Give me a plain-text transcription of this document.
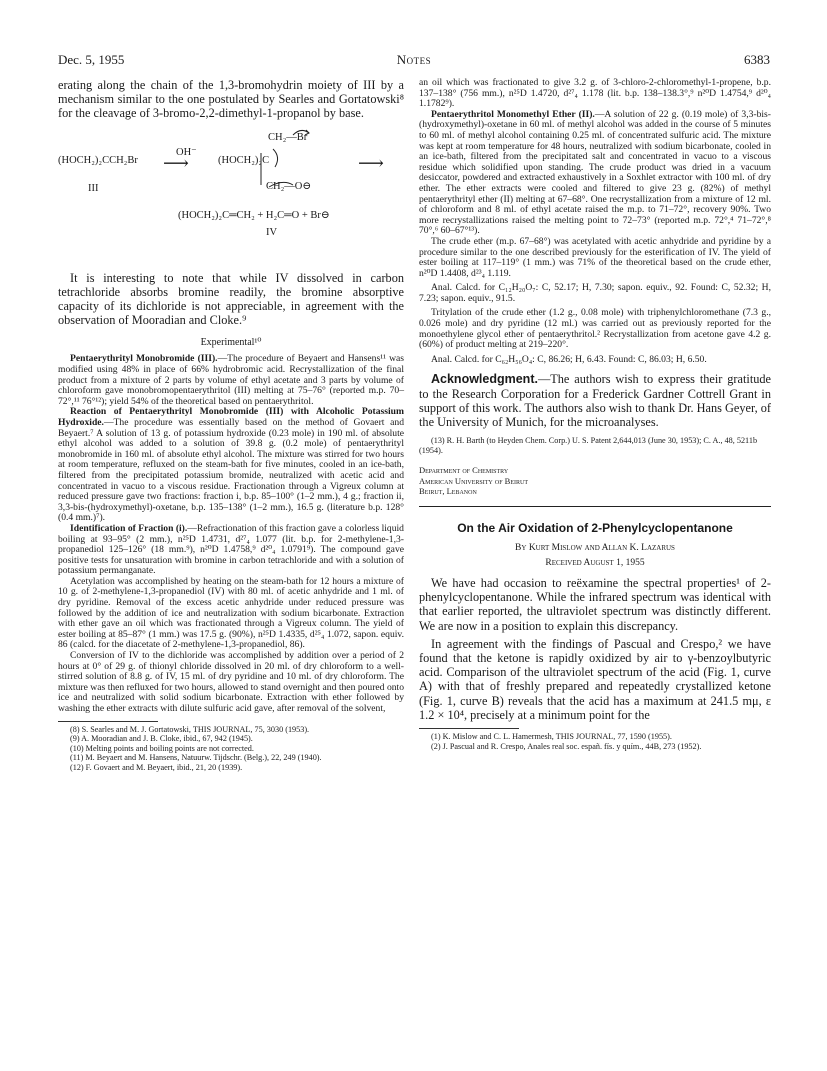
Dec. 5, 1955	Notes	6383

erating along the chain of the 1,3-bromohydrin moiety of III by a mechanism similar to the one postulated by Searles and Gortatowski⁸ for the cleavage of 3-bromo-2,2-dimethyl-1-propanol by base.

(HOCH₂)₂CCH₂Br
OH⁻
⟶
III
CH₂—Br
(HOCH₂)₂C
CH₂—O⊖
⟶
(HOCH₂)₂C═CH₂ + H₂C═O + Br⊖
IV

It is interesting to note that while IV dissolved in carbon tetrachloride absorbs bromine readily, the bromine absorptive capacity of its dichloride is not appreciable, in agreement with the observation of Mooradian and Cloke.⁹

Experimental¹⁰

Pentaerythrityl Monobromide (III).—The procedure of Beyaert and Hansens¹¹ was modified using 48% in place of 66% hydrobromic acid. Recrystallization of the final product from a mixture of 2 parts by volume of ethyl acetate and 3 parts by volume of chloroform gave monobromopentaerythritol (III) melting at 75–76° (reported m.p. 70–72°,¹¹ 76°¹²); yield 54% of the theoretical based on pentaerythritol.

Reaction of Pentaerythrityl Monobromide (III) with Alcoholic Potassium Hydroxide.—The procedure was essentially based on the method of Govaert and Beyaert.⁷ A solution of 13 g. of potassium hydroxide (0.23 mole) in 190 ml. of absolute ethyl alcohol was added to a solution of 39.8 g. (0.2 mole) of pentaerythrityl monobromide in 160 ml. of absolute ethyl alcohol. The mixture was stirred for two hours at room temperature, refluxed on the steam-bath for five minutes, cooled in an ice-bath, filtered from the precipitated potassium bromide, neutralized with acetic acid and concentrated in vacuo to a viscous residue. Fractionation through a Vigreux column at reduced pressure gave two fractions: fraction i, b.p. 85–100° (1–2 mm.), 4 g.; fraction ii, 3,3-bis-(hydroxymethyl)-oxetane, b.p. 135–138° (1–2 mm.), 16.5 g. (literature b.p. 128° (0.4 mm.)⁷).

Identification of Fraction (i).—Refractionation of this fraction gave a colorless liquid boiling at 93–95° (2 mm.), n²⁵D 1.4731, d²⁷₄ 1.077 (lit. b.p. for 2-methylene-1,3-propanediol 125–126° (18 mm.⁹), n²⁰D 1.4758,⁹ d²⁰₄ 1.0791⁹). The compound gave positive tests for unsaturation with bromine in carbon tetrachloride and with a solution of potassium permanganate.

Acetylation was accomplished by heating on the steam-bath for 12 hours a mixture of 10 g. of 2-methylene-1,3-propanediol (IV) with 80 ml. of acetic anhydride and 1 ml. of dry pyridine. Removal of the excess acetic anhydride under reduced pressure was followed by the addition of ice and neutralization with sodium bicarbonate. Extraction with ether gave an oil which was fractionated through a Vigreux column. The yield of ester boiling at 85–87° (1 mm.) was 17.5 g. (90%), n²⁵D 1.4335, d²⁵₄ 1.072, sapon. equiv. 86 (calcd. for the diacetate of 2-methylene-1,3-propanediol, 86).

Conversion of IV to the dichloride was accomplished by addition over a period of 2 hours at 0° of 29 g. of thionyl chloride dissolved in 20 ml. of dry chloroform to a well-stirred solution of 8.8 g. of IV, 15 ml. of dry pyridine and 10 ml. of dry chloroform. The mixture was then refluxed for two hours, allowed to stand overnight and then poured onto ice and neutralized with solid sodium bicarbonate. Extraction with ether followed by washing the ether extracts with dilute sulfuric acid gave, after removal of the solvent,

(8) S. Searles and M. J. Gortatowski, THIS JOURNAL, 75, 3030 (1953).

(9) A. Mooradian and J. B. Cloke, ibid., 67, 942 (1945).

(10) Melting points and boiling points are not corrected.

(11) M. Beyaert and M. Hansens, Natuurw. Tijdschr. (Belg.), 22, 249 (1940).

(12) F. Govaert and M. Beyaert, ibid., 21, 20 (1939).

an oil which was fractionated to give 3.2 g. of 3-chloro-2-chloromethyl-1-propene, b.p. 137–138° (756 mm.), n²⁵D 1.4720, d²⁷₄ 1.178 (lit. b.p. 138–138.3°,⁹ n²⁰D 1.4754,⁹ d²⁰₄ 1.1782⁹).

Pentaerythritol Monomethyl Ether (II).—A solution of 22 g. (0.19 mole) of 3,3-bis-(hydroxymethyl)-oxetane in 60 ml. of methyl alcohol was added in the course of 5 minutes to 60 ml. of methyl alcohol containing 0.25 ml. of concentrated sulfuric acid. The mixture was kept at room temperature for 48 hours, neutralized with sodium bicarbonate, cooled in an ice-bath, filtered from the precipitated salt and concentrated in vacuo to a viscous residue which solidified upon standing. The crude product was dried in a vacuum desiccator, powdered and extracted exhaustively in a Soxhlet extractor with 100 ml. of dry ether. The ether extracts were cooled and filtered to give 23 g. (82%) of methyl pentaerythrityl ether (II) melting at 67–68°. One recrystallization from a mixture of 12 ml. of chloroform and 8 ml. of ethyl acetate raised the m.p. to 71–72°, recovery 90%. Two more recrystallizations raised the melting point to 72–73° (reported m.p. 72°,⁴ 71–72°,⁸ 70°,⁶ 60–67°¹³).

The crude ether (m.p. 67–68°) was acetylated with acetic anhydride and pyridine by a procedure similar to the one described previously for the esterification of IV. The yield of ester boiling at 117–119° (1 mm.) was 71% of the theoretical based on the crude ether, n²⁰D 1.4408, d²³₄ 1.119.

Anal. Calcd. for C₁₂H₂₀O₇: C, 52.17; H, 7.30; sapon. equiv., 92. Found: C, 52.32; H, 7.23; sapon. equiv., 91.5.

Tritylation of the crude ether (1.2 g., 0.08 mole) with triphenylchloromethane (7.3 g., 0.026 mole) and dry pyridine (12 ml.) was carried out as previously reported for the monoethylene glycol ether of pentaerythritol.² Recrystallization from acetone gave 4.2 g. (60%) of product melting at 219–220°.

Anal. Calcd. for C₆₂H₅₆O₄: C, 86.26; H, 6.43. Found: C, 86.03; H, 6.50.

Acknowledgment.—The authors wish to express their gratitude to the Research Corporation for a Frederick Gardner Cottrell Grant in support of this work. The authors also wish to thank Dr. Hans Geyer, of the University of Munich, for the microanalyses.

(13) R. H. Barth (to Heyden Chem. Corp.) U. S. Patent 2,644,013 (June 30, 1953); C. A., 48, 5211b (1954).

Department of Chemistry
American University of Beirut
Beirut, Lebanon

On the Air Oxidation of 2-Phenylcyclopentanone

By Kurt Mislow and Allan K. Lazarus

Received August 1, 1955

We have had occasion to reëxamine the spectral properties¹ of 2-phenylcyclopentanone. While the infrared spectrum was identical with that earlier reported, the ultraviolet spectrum was distinctly different. We are now in a position to explain this discrepancy.

In agreement with the findings of Pascual and Crespo,² we have found that the ketone is rapidly oxidized by air to γ-benzoylbutyric acid. Comparison of the ultraviolet spectrum of the acid (Fig. 1, curve A) with that of freshly prepared and repeatedly crystallized ketone (Fig. 1, curve B) reveals that the acid has a maximum at 241.5 mμ, ε 1.2 × 10⁴, precisely at a minimum point for the

(1) K. Mislow and C. L. Hamermesh, THIS JOURNAL, 77, 1590 (1955).

(2) J. Pascual and R. Crespo, Anales real soc. españ. fís. y quím., 44B, 273 (1952).
